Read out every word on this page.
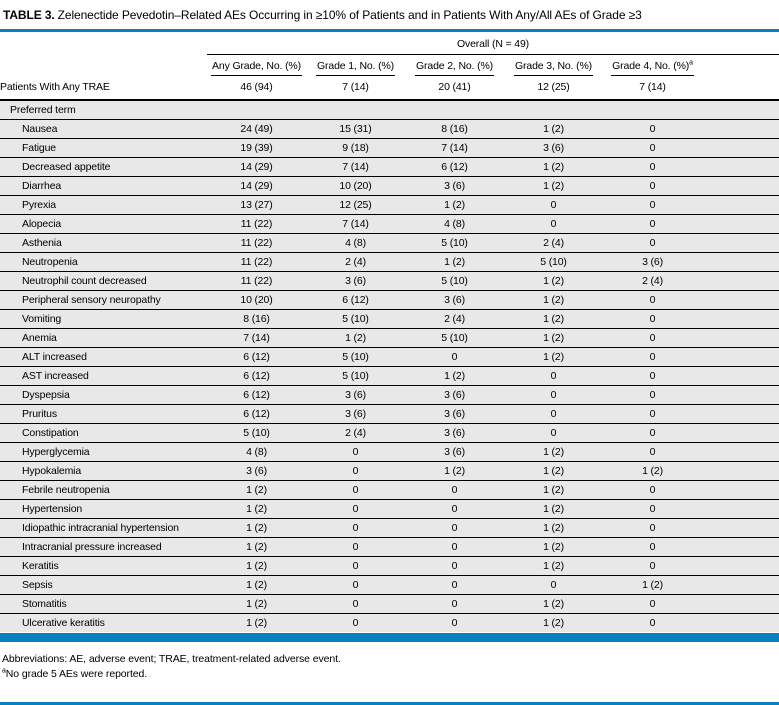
TABLE 3. Zelenectide Pevedotin–Related AEs Occurring in ≥10% of Patients and in Patients With Any/All AEs of Grade ≥3
	Overall (N = 49)					
	Any Grade, No. (%)	Grade 1, No. (%)	Grade 2, No. (%)	Grade 3, No. (%)	Grade 4, No. (%)$^a$	
Patients With Any TRAE	46 (94)	7 (14)	20 (41)	12 (25)	7 (14)	
Preferred term						
Nausea	24 (49)	15 (31)	8 (16)	1 (2)	0	
Fatigue	19 (39)	9 (18)	7 (14)	3 (6)	0	
Decreased appetite	14 (29)	7 (14)	6 (12)	1 (2)	0	
Diarrhea	14 (29)	10 (20)	3 (6)	1 (2)	0	
Pyrexia	13 (27)	12 (25)	1 (2)	0	0	
Alopecia	11 (22)	7 (14)	4 (8)	0	0	
Asthenia	11 (22)	4 (8)	5 (10)	2 (4)	0	
Neutropenia	11 (22)	2 (4)	1 (2)	5 (10)	3 (6)	
Neutrophil count decreased	11 (22)	3 (6)	5 (10)	1 (2)	2 (4)	
Peripheral sensory neuropathy	10 (20)	6 (12)	3 (6)	1 (2)	0	
Vomiting	8 (16)	5 (10)	2 (4)	1 (2)	0	
Anemia	7 (14)	1 (2)	5 (10)	1 (2)	0	
ALT increased	6 (12)	5 (10)	0	1 (2)	0	
AST increased	6 (12)	5 (10)	1 (2)	0	0	
Dyspepsia	6 (12)	3 (6)	3 (6)	0	0	
Pruritus	6 (12)	3 (6)	3 (6)	0	0	
Constipation	5 (10)	2 (4)	3 (6)	0	0	
Hyperglycemia	4 (8)	0	3 (6)	1 (2)	0	
Hypokalemia	3 (6)	0	1 (2)	1 (2)	1 (2)	
Febrile neutropenia	1 (2)	0	0	1 (2)	0	
Hypertension	1 (2)	0	0	1 (2)	0	
Idiopathic intracranial hypertension	1 (2)	0	0	1 (2)	0	
Intracranial pressure increased	1 (2)	0	0	1 (2)	0	
Keratitis	1 (2)	0	0	1 (2)	0	
Sepsis	1 (2)	0	0	0	1 (2)	
Stomatitis	1 (2)	0	0	1 (2)	0	
Ulcerative keratitis	1 (2)	0	0	1 (2)	0	
Abbreviations: AE, adverse event; TRAE, treatment-related adverse event.
$^a$No grade 5 AEs were reported.
